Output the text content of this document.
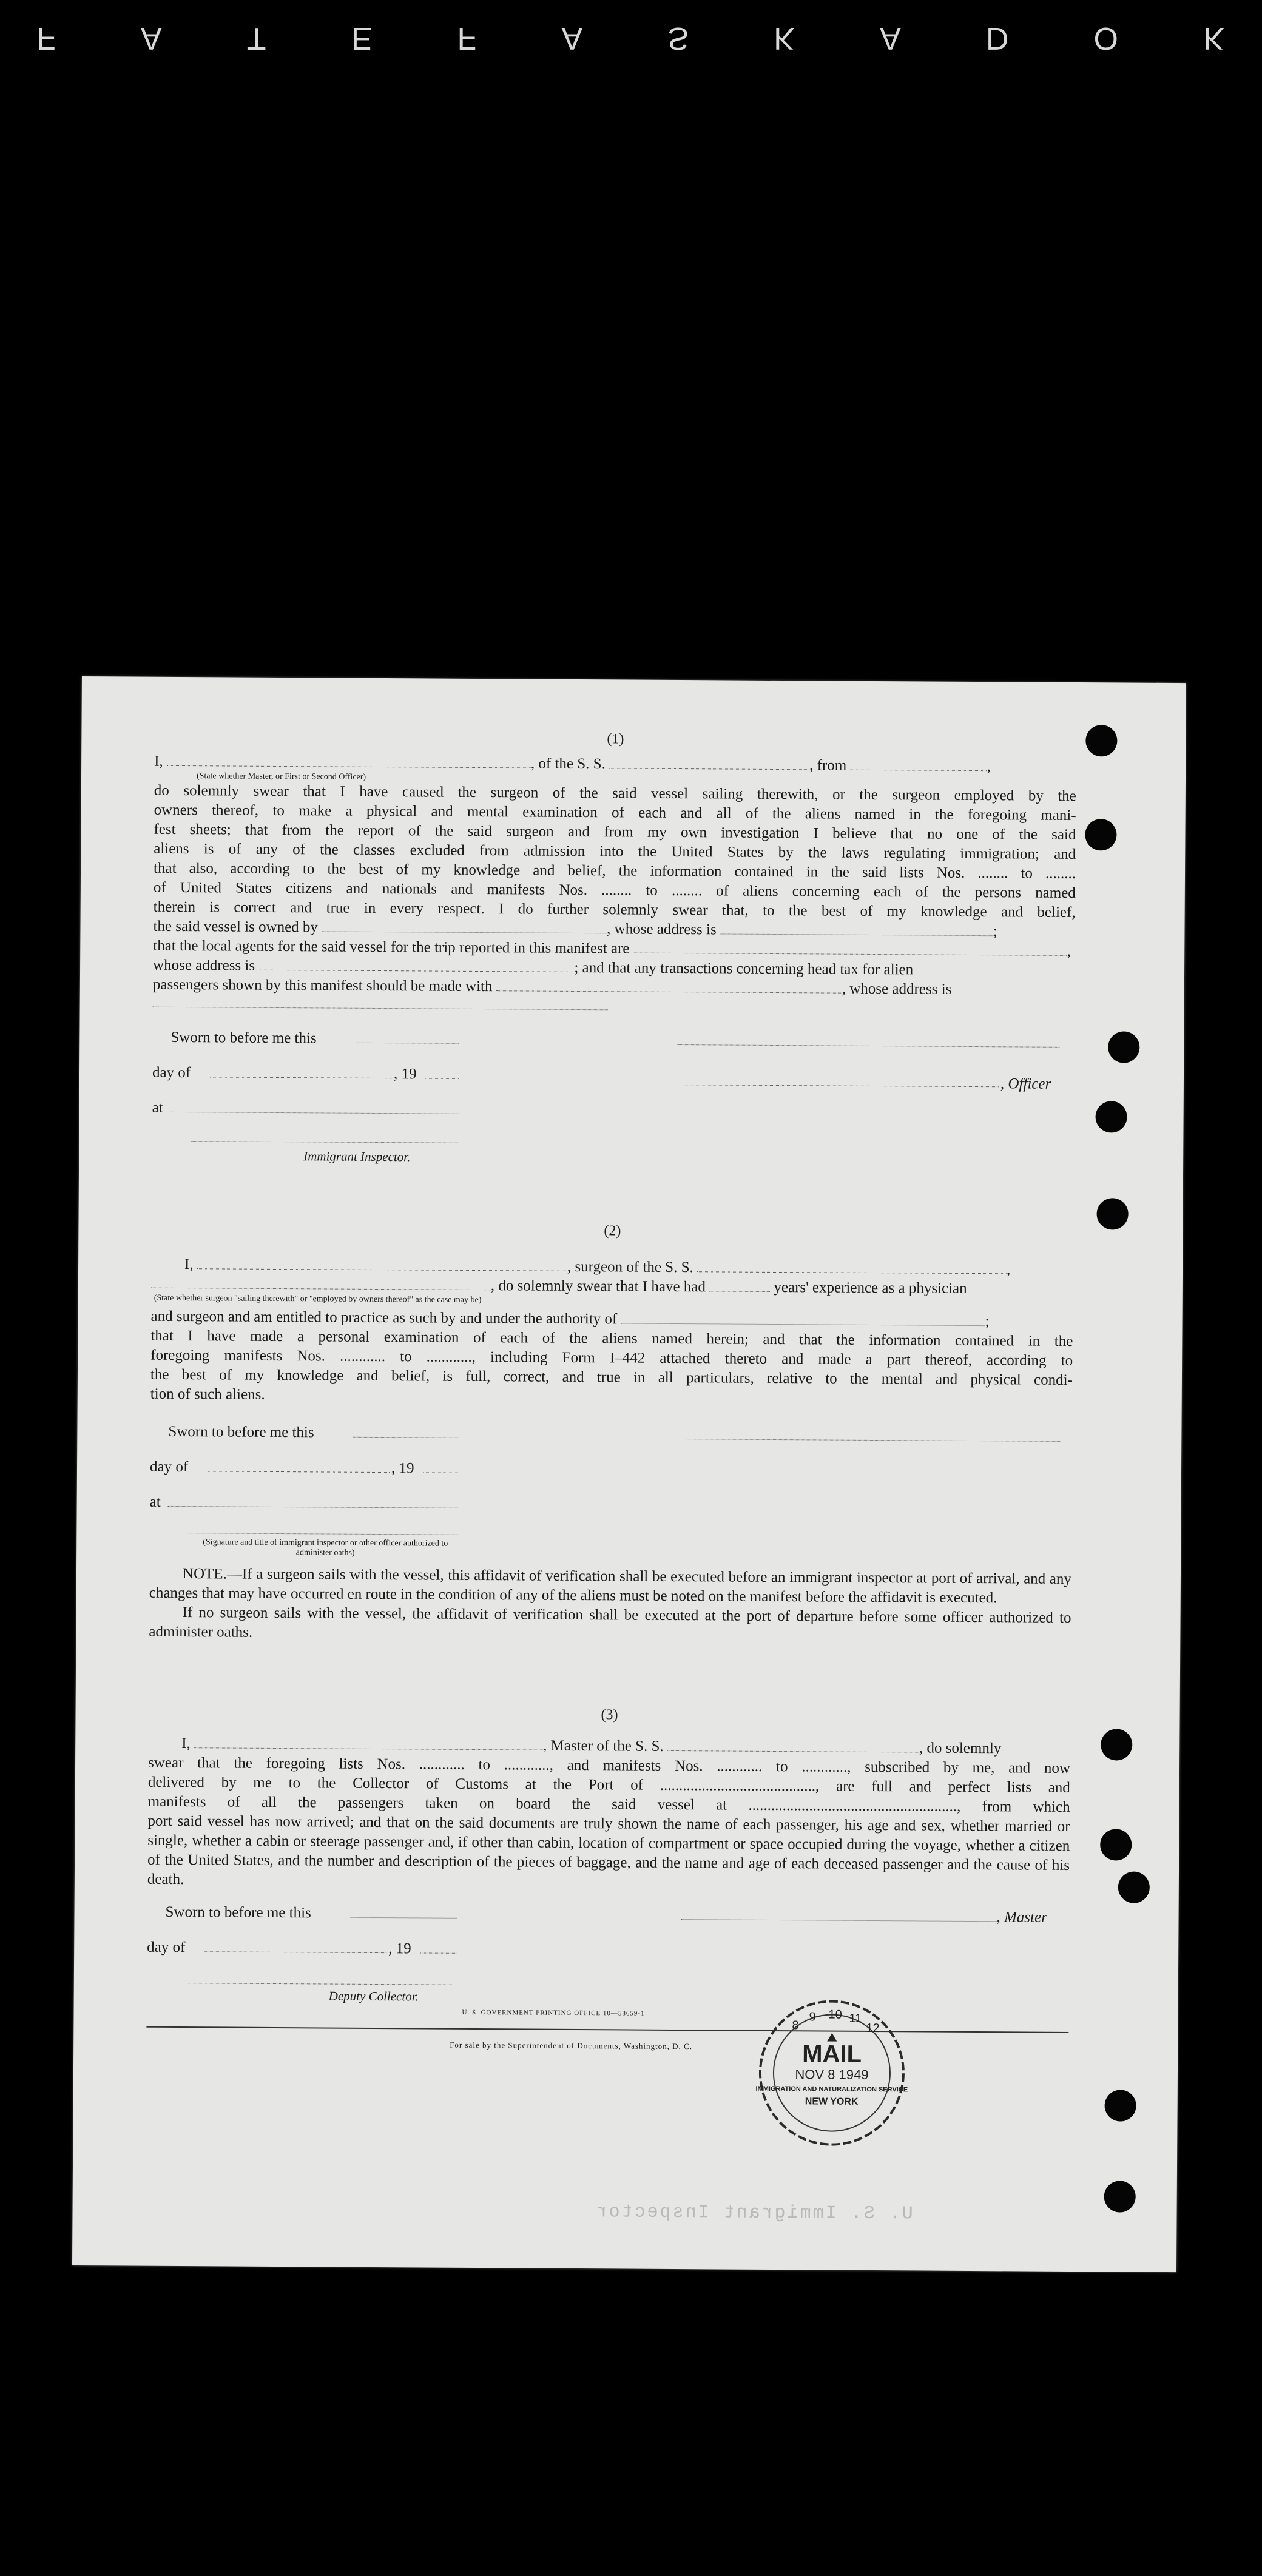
F	A	T	E	F	A	S	K	A	D	O	K
U. S. Immigrant Inspector
(1)
I,	, of the S. S.	, from	,
(State whether Master, or First or Second Officer)
do solemnly swear that I have caused the surgeon of the said vessel sailing therewith, or the surgeon employed by the
owners thereof, to make a physical and mental examination of each and all of the aliens named in the foregoing mani-
fest sheets; that from the report of the said surgeon and from my own investigation I believe that no one of the said
aliens is of any of the classes excluded from admission into the United States by the laws regulating immigration; and
that also, according to the best of my knowledge and belief, the information contained in the said lists Nos. ........ to ........
of United States citizens and nationals and manifests Nos. ........ to ........ of aliens concerning each of the persons named
therein is correct and true in every respect. I do further solemnly swear that, to the best of my knowledge and belief,
the said vessel is owned by	, whose address is	;
that the local agents for the said vessel for the trip reported in this manifest are	,
whose address is	; and that any transactions concerning head tax for alien
passengers shown by this manifest should be made with	, whose address is
Sworn to before me this
day of	, 19
, Officer
at
Immigrant Inspector.
(2)
I,	, surgeon of the S. S.	,
, do solemnly swear that I have had	years' experience as a physician
(State whether surgeon "sailing therewith" or "employed by owners thereof" as the case may be)
and surgeon and am entitled to practice as such by and under the authority of	;
that I have made a personal examination of each of the aliens named herein; and that the information contained in the
foregoing manifests Nos. ............ to ............, including Form I–442 attached thereto and made a part thereof, according to
the best of my knowledge and belief, is full, correct, and true in all particulars, relative to the mental and physical condi-
tion of such aliens.
Sworn to before me this
day of	, 19
at
(Signature and title of immigrant inspector or other officer authorized to administer oaths)
NOTE.—If a surgeon sails with the vessel, this affidavit of verification shall be executed before an immigrant inspector at port of arrival, and any changes that may have occurred en route in the condition of any of the aliens must be noted on the manifest before the affidavit is executed.
If no surgeon sails with the vessel, the affidavit of verification shall be executed at the port of departure before some officer authorized to administer oaths.
(3)
I,	, Master of the S. S.	, do solemnly
swear that the foregoing lists Nos. ............ to ............, and manifests Nos. ............ to ............, subscribed by me, and now
delivered by me to the Collector of Customs at the Port of ........................................., are full and perfect lists and
manifests of all the passengers taken on board the said vessel at ......................................................., from which
port said vessel has now arrived; and that on the said documents are truly shown the name of each passenger, his age and sex, whether married or single, whether a cabin or steerage passenger and, if other than cabin, location of compartment or space occupied during the voyage, whether a citizen of the United States, and the number and description of the pieces of baggage, and the name and age of each deceased passenger and the cause of his death.
Sworn to before me this	, Master
day of	, 19
Deputy Collector.
U. S. GOVERNMENT PRINTING OFFICE 10—58659-1
For sale by the Superintendent of Documents, Washington, D. C.
8
9 10 11
12
MAIL
NOV 8 1949
IMMIGRATION AND NATURALIZATION SERVICE
NEW YORK
